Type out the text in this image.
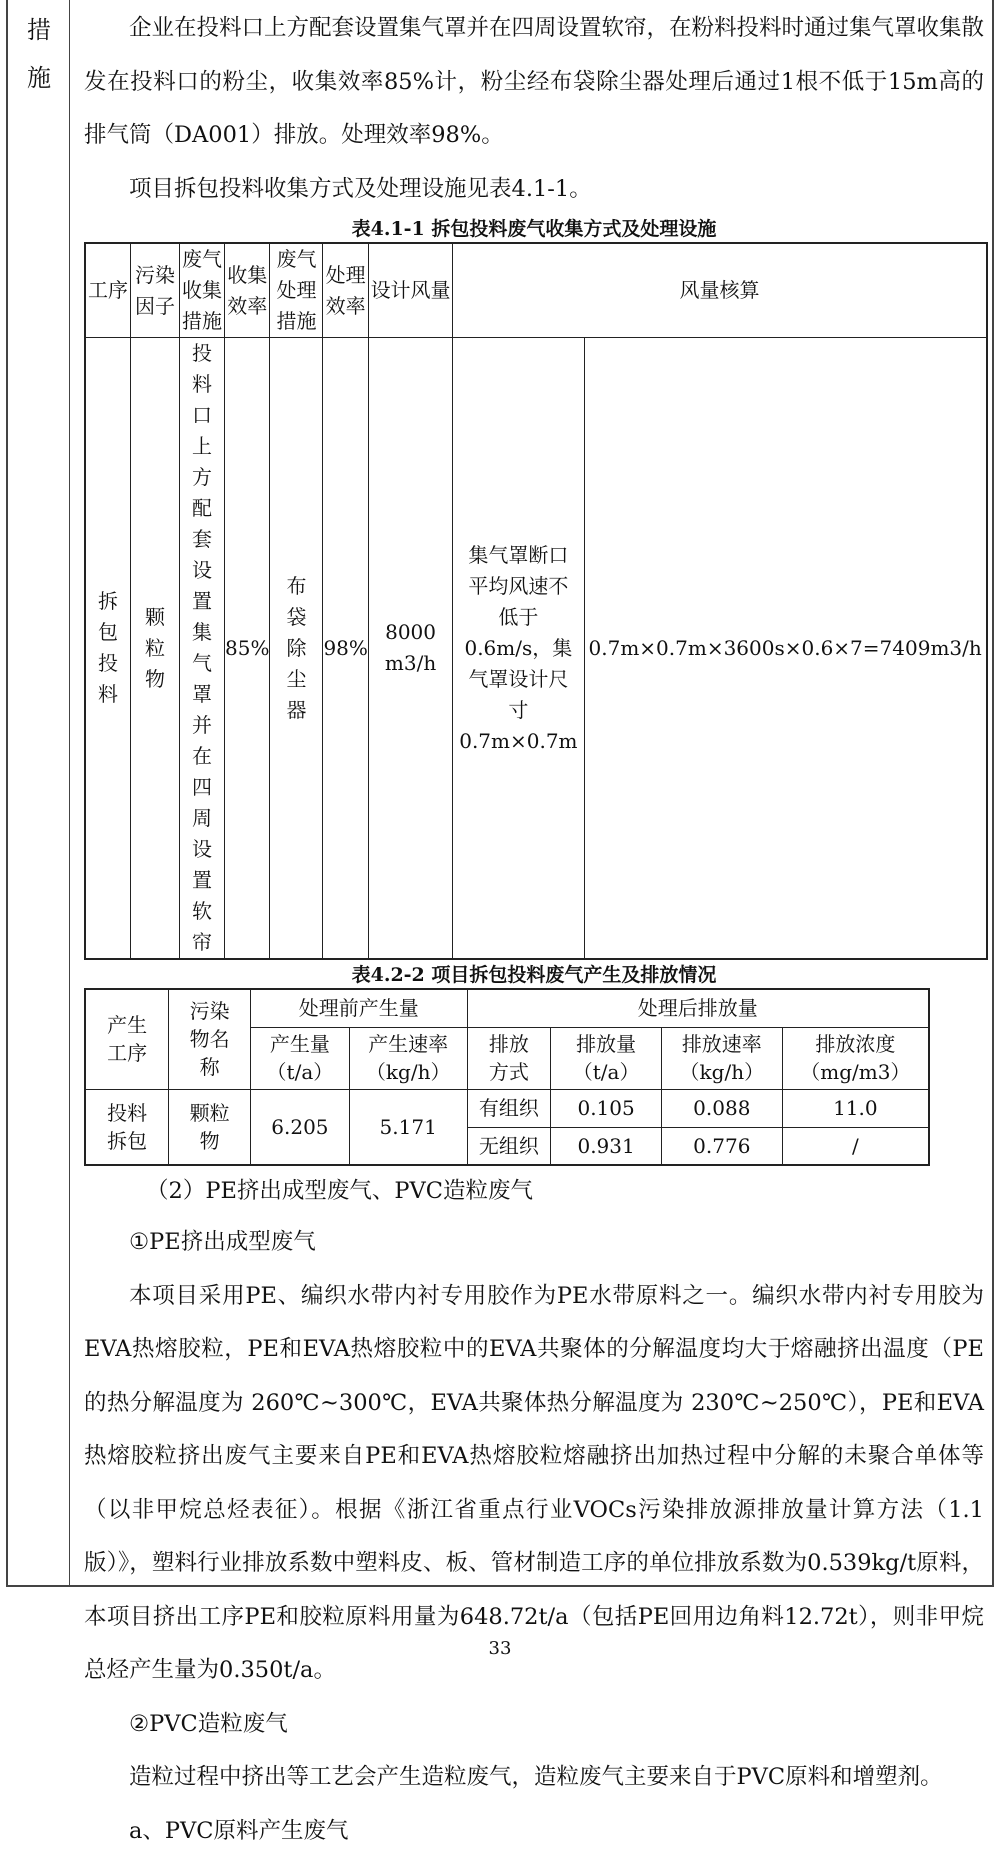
措
施

企业在投料口上方配套设置集气罩并在四周设置软帘，在粉料投料时通过集气罩收集散发在投料口的粉尘，收集效率85%计，粉尘经布袋除尘器处理后通过1根不低于15m高的排气筒（DA001）排放。处理效率98%。

项目拆包投料收集方式及处理设施见表4.1-1。

表4.1-1 拆包投料废气收集方式及处理设施

工序	污染因子	废气收集措施	收集效率	废气处理措施	处理效率	设计风量	风量核算	
拆包投料	颗粒物	投料口上方配套设置集气罩并在四周设置软帘	85%	布袋除尘器	98%	8000 m3/h	集气罩断口平均风速不低于0.6m/s，集气罩设计尺寸0.7m×0.7m	0.7m×0.7m×3600s×0.6×7=7409m3/h

表4.2-2 项目拆包投料废气产生及排放情况

产生工序	污染物名称	处理前产生量		处理后排放量			
		产生量（t/a）	产生速率（kg/h）	排放方式	排放量（t/a）	排放速率（kg/h）	排放浓度（mg/m3）
投料拆包	颗粒物	6.205	5.171	有组织	0.105	0.088	11.0
				无组织	0.931	0.776	/

（2）PE挤出成型废气、PVC造粒废气

①PE挤出成型废气

本项目采用PE、编织水带内衬专用胶作为PE水带原料之一。编织水带内衬专用胶为EVA热熔胶粒，PE和EVA热熔胶粒中的EVA共聚体的分解温度均大于熔融挤出温度（PE的热分解温度为 260℃~300℃，EVA共聚体热分解温度为 230℃~250℃），PE和EVA 热熔胶粒挤出废气主要来自PE和EVA热熔胶粒熔融挤出加热过程中分解的未聚合单体等（以非甲烷总烃表征）。根据《浙江省重点行业VOCs污染排放源排放量计算方法（1.1版）》，塑料行业排放系数中塑料皮、板、管材制造工序的单位排放系数为0.539kg/t原料，本项目挤出工序PE和胶粒原料用量为648.72t/a（包括PE回用边角料12.72t），则非甲烷总烃产生量为0.350t/a。

②PVC造粒废气

造粒过程中挤出等工艺会产生造粒废气，造粒废气主要来自于PVC原料和增塑剂。

a、PVC原料产生废气

33
